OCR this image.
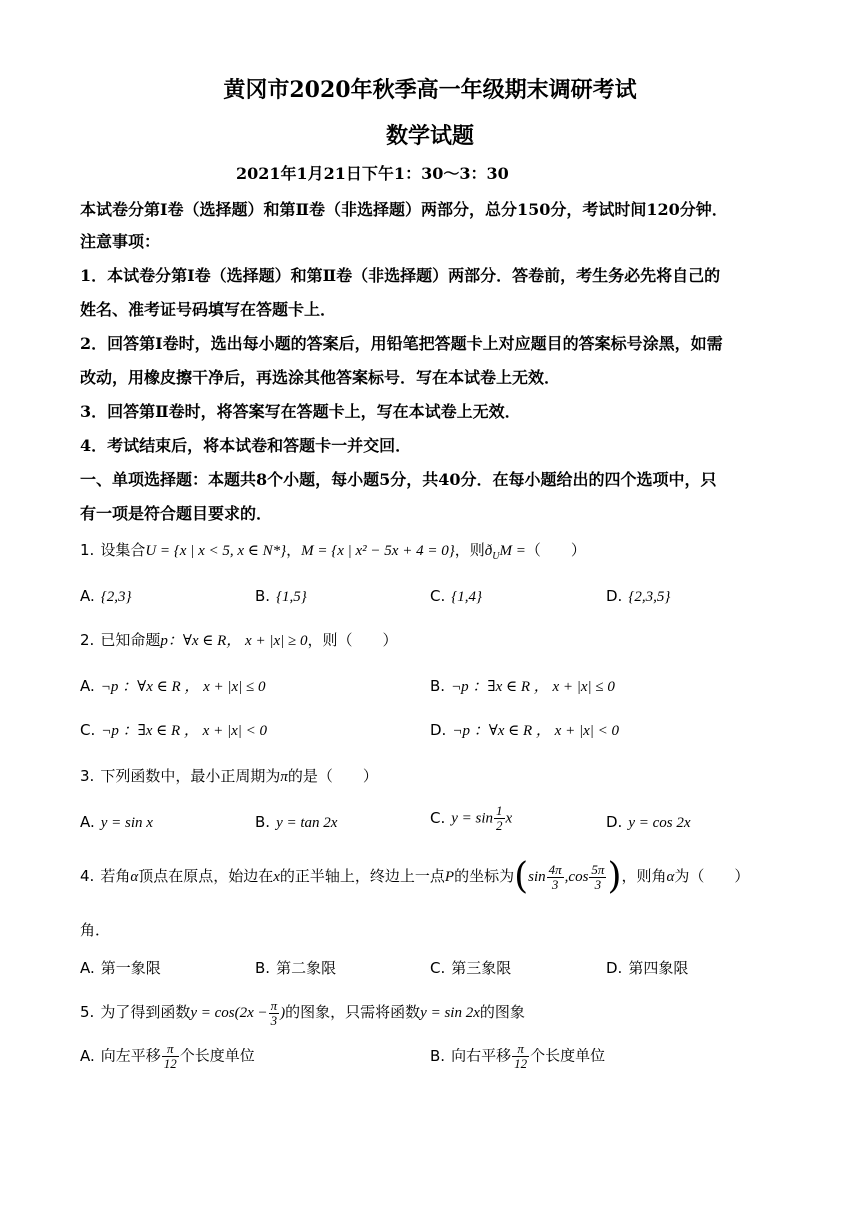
黄冈市2020年秋季高一年级期末调研考试
数学试题
2021年1月21日下午1：30～3：30
本试卷分第Ⅰ卷（选择题）和第Ⅱ卷（非选择题）两部分，总分150分，考试时间120分钟．
注意事项：
1．本试卷分第Ⅰ卷（选择题）和第Ⅱ卷（非选择题）两部分．答卷前，考生务必先将自己的
姓名、准考证号码填写在答题卡上．
2．回答第Ⅰ卷时，选出每小题的答案后，用铅笔把答题卡上对应题目的答案标号涂黑，如需
改动，用橡皮擦干净后，再选涂其他答案标号．写在本试卷上无效．
3．回答第Ⅱ卷时，将答案写在答题卡上，写在本试卷上无效．
4．考试结束后，将本试卷和答题卡一并交回．
一、单项选择题：本题共8个小题，每小题5分，共40分．在每小题给出的四个选项中，只
有一项是符合题目要求的．
1. 设集合U = {x | x < 5, x ∈ N*}，M = {x | x² − 5x + 4 = 0}，则$ð_UM$ =（　　）
A. {2,3}	B. {1,5}	C. {1,4}	D. {2,3,5}
2. 已知命题p：∀x ∈ R， x + |x| ≥ 0，则（　　）
A. ¬p ：∀x ∈ R ， x + |x| ≤ 0	B. ¬p ：∃x ∈ R ， x + |x| ≤ 0
C. ¬p ：∃x ∈ R ， x + |x| < 0	D. ¬p ：∀x ∈ R ， x + |x| < 0
3. 下列函数中，最小正周期为π的是（　　）
A. y = sin x	B. y = tan 2x	C. $y = \sin \frac{1}{2}$ x	D. y = cos 2x
4. 若角α顶点在原点，始边在x的正半轴上，终边上一点P的坐标为($\sin \frac{4\pi}{3} ,\cos \frac{5\pi}{3}$ )，则角α为（　　）
角．
A. 第一象限	B. 第二象限	C. 第三象限	D. 第四象限
5. 为了得到函数$y = \cos(2x - \frac{\pi}{3}$ )的图象，只需将函数y = sin 2x的图象
A. 向左平移 $\frac{\pi}{12}$ 个长度单位	B. 向右平移 $\frac{\pi}{12}$ 个长度单位
